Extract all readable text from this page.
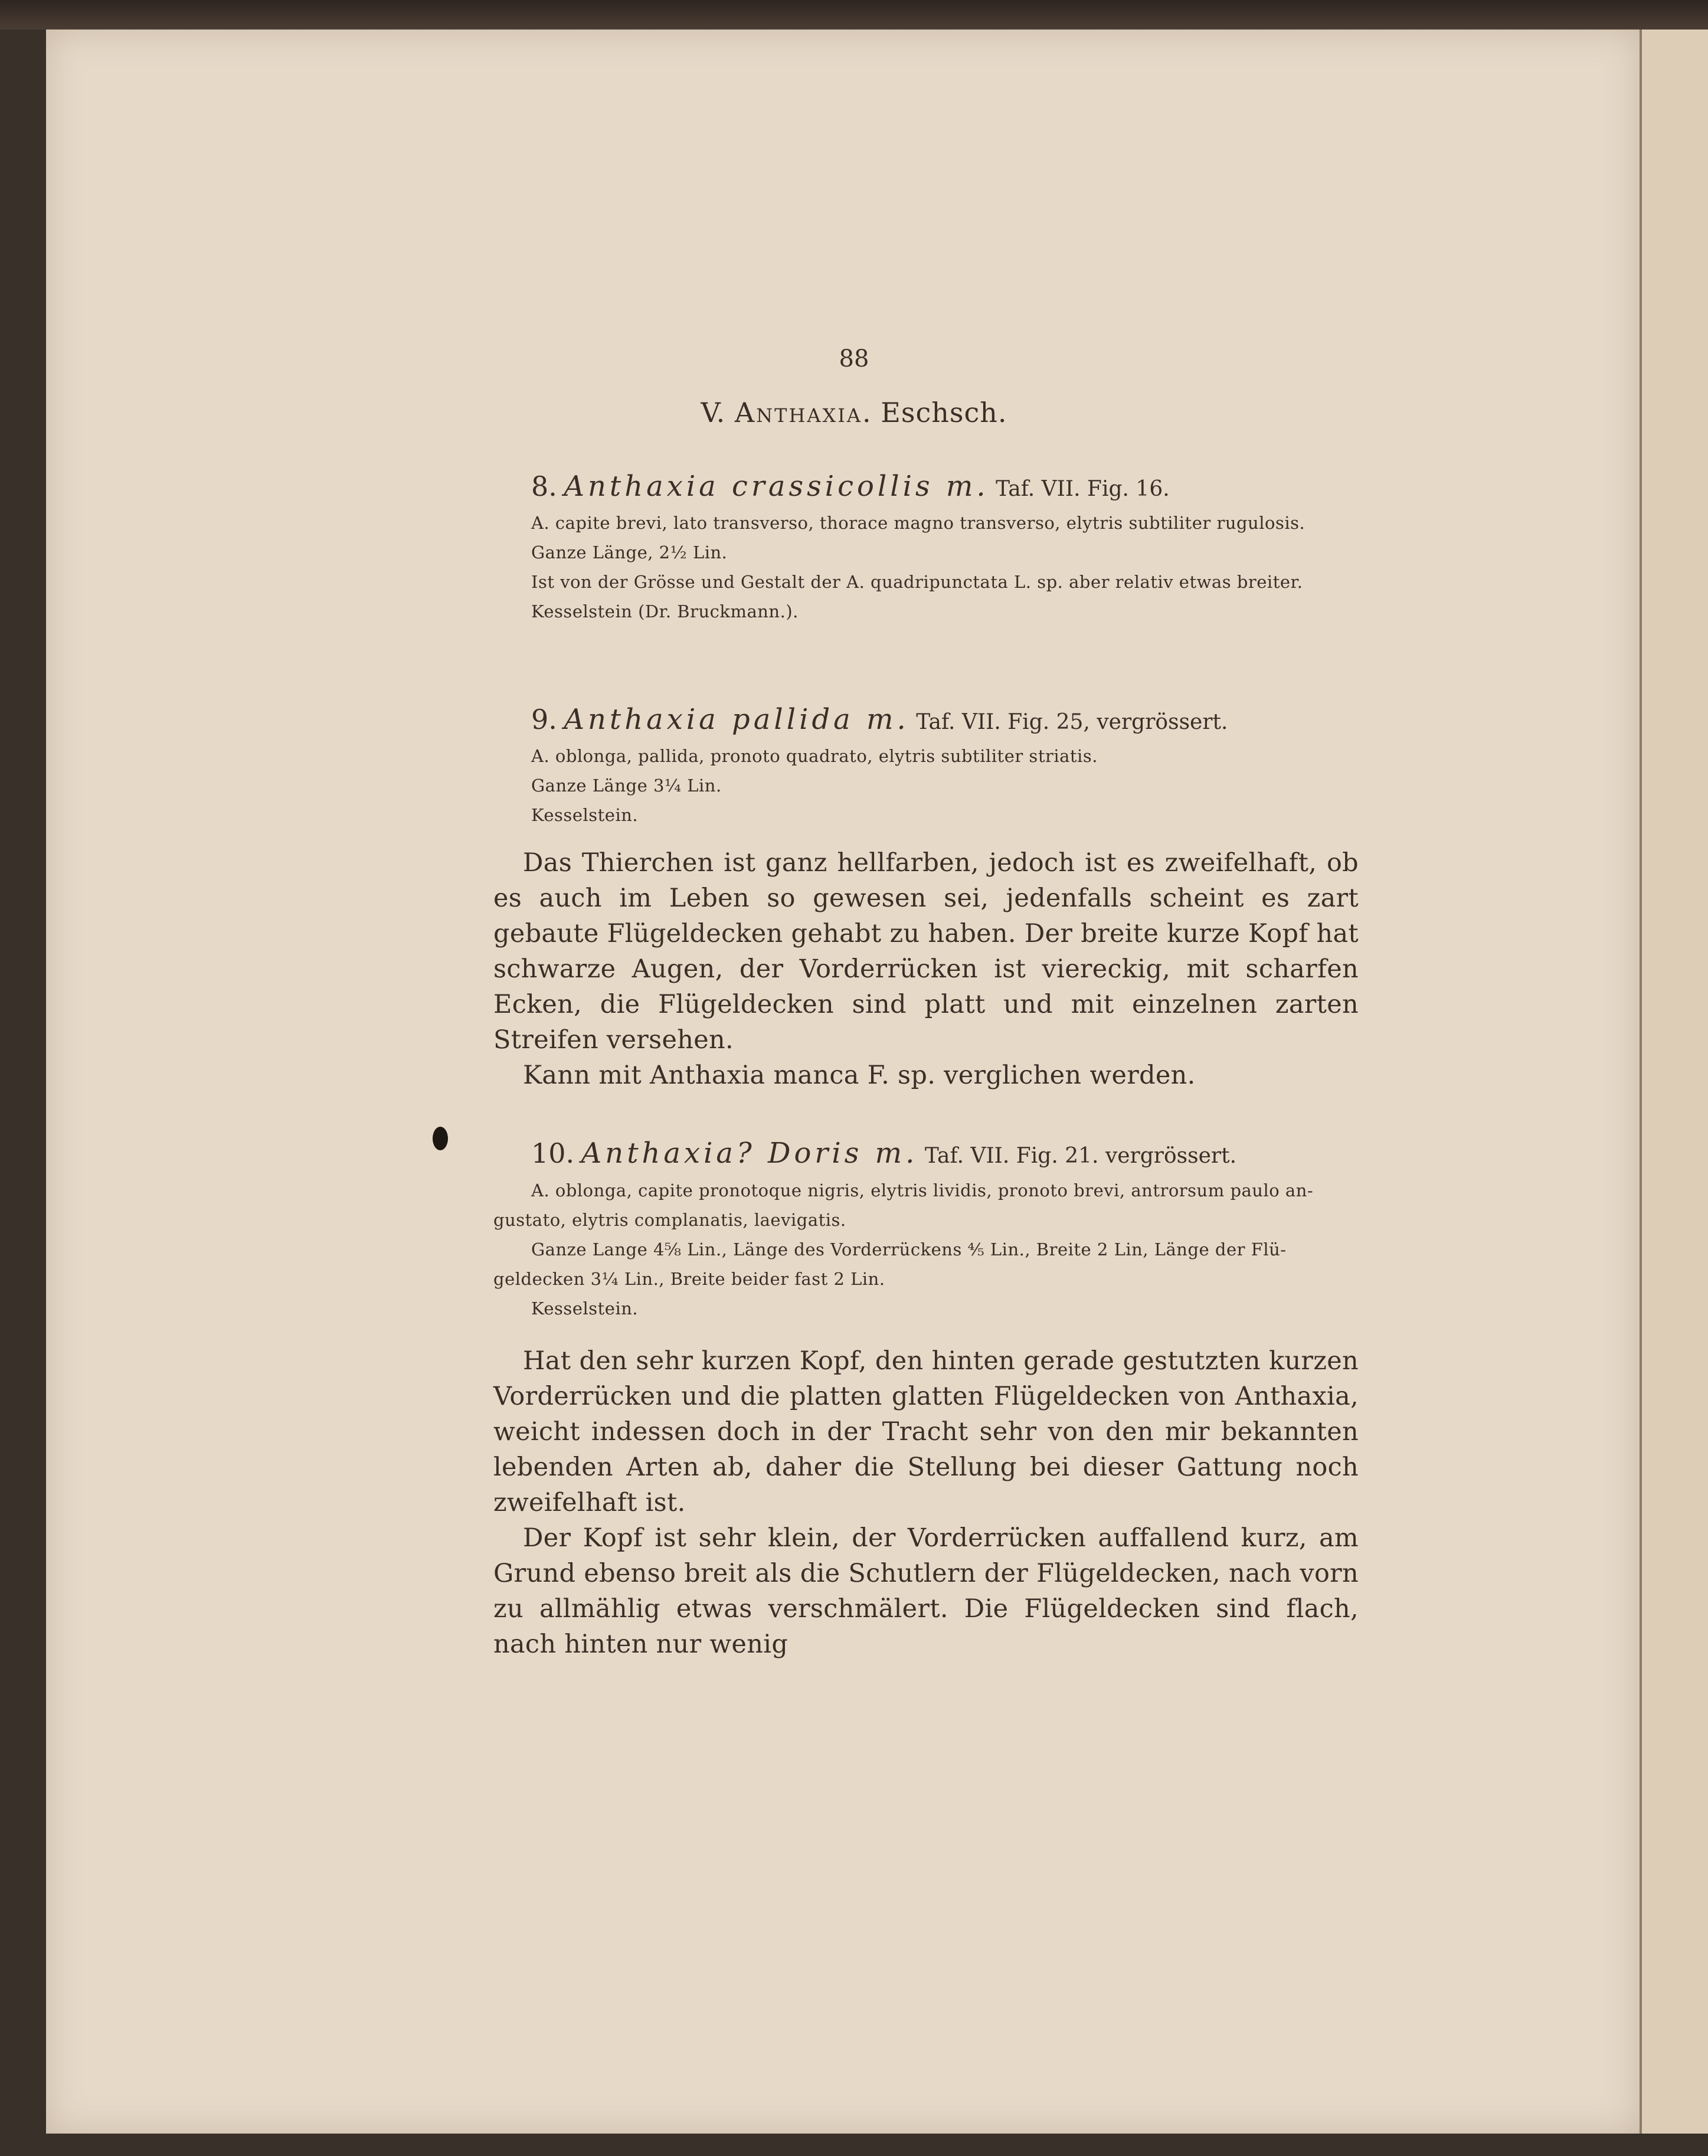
88
V. Anthaxia. Eschsch.
8. Anthaxia crassicollis m. Taf. VII. Fig. 16.
A. capite brevi, lato transverso, thorace magno transverso, elytris subtiliter rugulosis.
Ganze Länge, 2½ Lin.
Ist von der Grösse und Gestalt der A. quadripunctata L. sp. aber relativ etwas breiter.
Kesselstein (Dr. Bruckmann.).
9. Anthaxia pallida m. Taf. VII. Fig. 25, vergrössert.
A. oblonga, pallida, pronoto quadrato, elytris subtiliter striatis.
Ganze Länge 3¼ Lin.
Kesselstein.

Das Thierchen ist ganz hellfarben, jedoch ist es zweifelhaft, ob es auch im Leben so gewesen sei, jedenfalls scheint es zart gebaute Flügeldecken gehabt zu haben. Der breite kurze Kopf hat schwarze Augen, der Vorderrücken ist viereckig, mit scharfen Ecken, die Flügeldecken sind platt und mit einzelnen zarten Streifen versehen.

Kann mit Anthaxia manca F. sp. verglichen werden.

10. Anthaxia? Doris m. Taf. VII. Fig. 21. vergrössert.
A. oblonga, capite pronotoque nigris, elytris lividis, pronoto brevi, antrorsum paulo an-
gustato, elytris complanatis, laevigatis.
Ganze Lange 4⅝ Lin., Länge des Vorderrückens ⅘ Lin., Breite 2 Lin, Länge der Flü-
geldecken 3¼ Lin., Breite beider fast 2 Lin.
Kesselstein.

Hat den sehr kurzen Kopf, den hinten gerade gestutzten kurzen Vorderrücken und die platten glatten Flügeldecken von Anthaxia, weicht indessen doch in der Tracht sehr von den mir bekannten lebenden Arten ab, daher die Stellung bei dieser Gattung noch zweifelhaft ist.

Der Kopf ist sehr klein, der Vorderrücken auffallend kurz, am Grund ebenso breit als die Schutlern der Flügeldecken, nach vorn zu allmählig etwas verschmälert. Die Flügeldecken sind flach, nach hinten nur wenig
